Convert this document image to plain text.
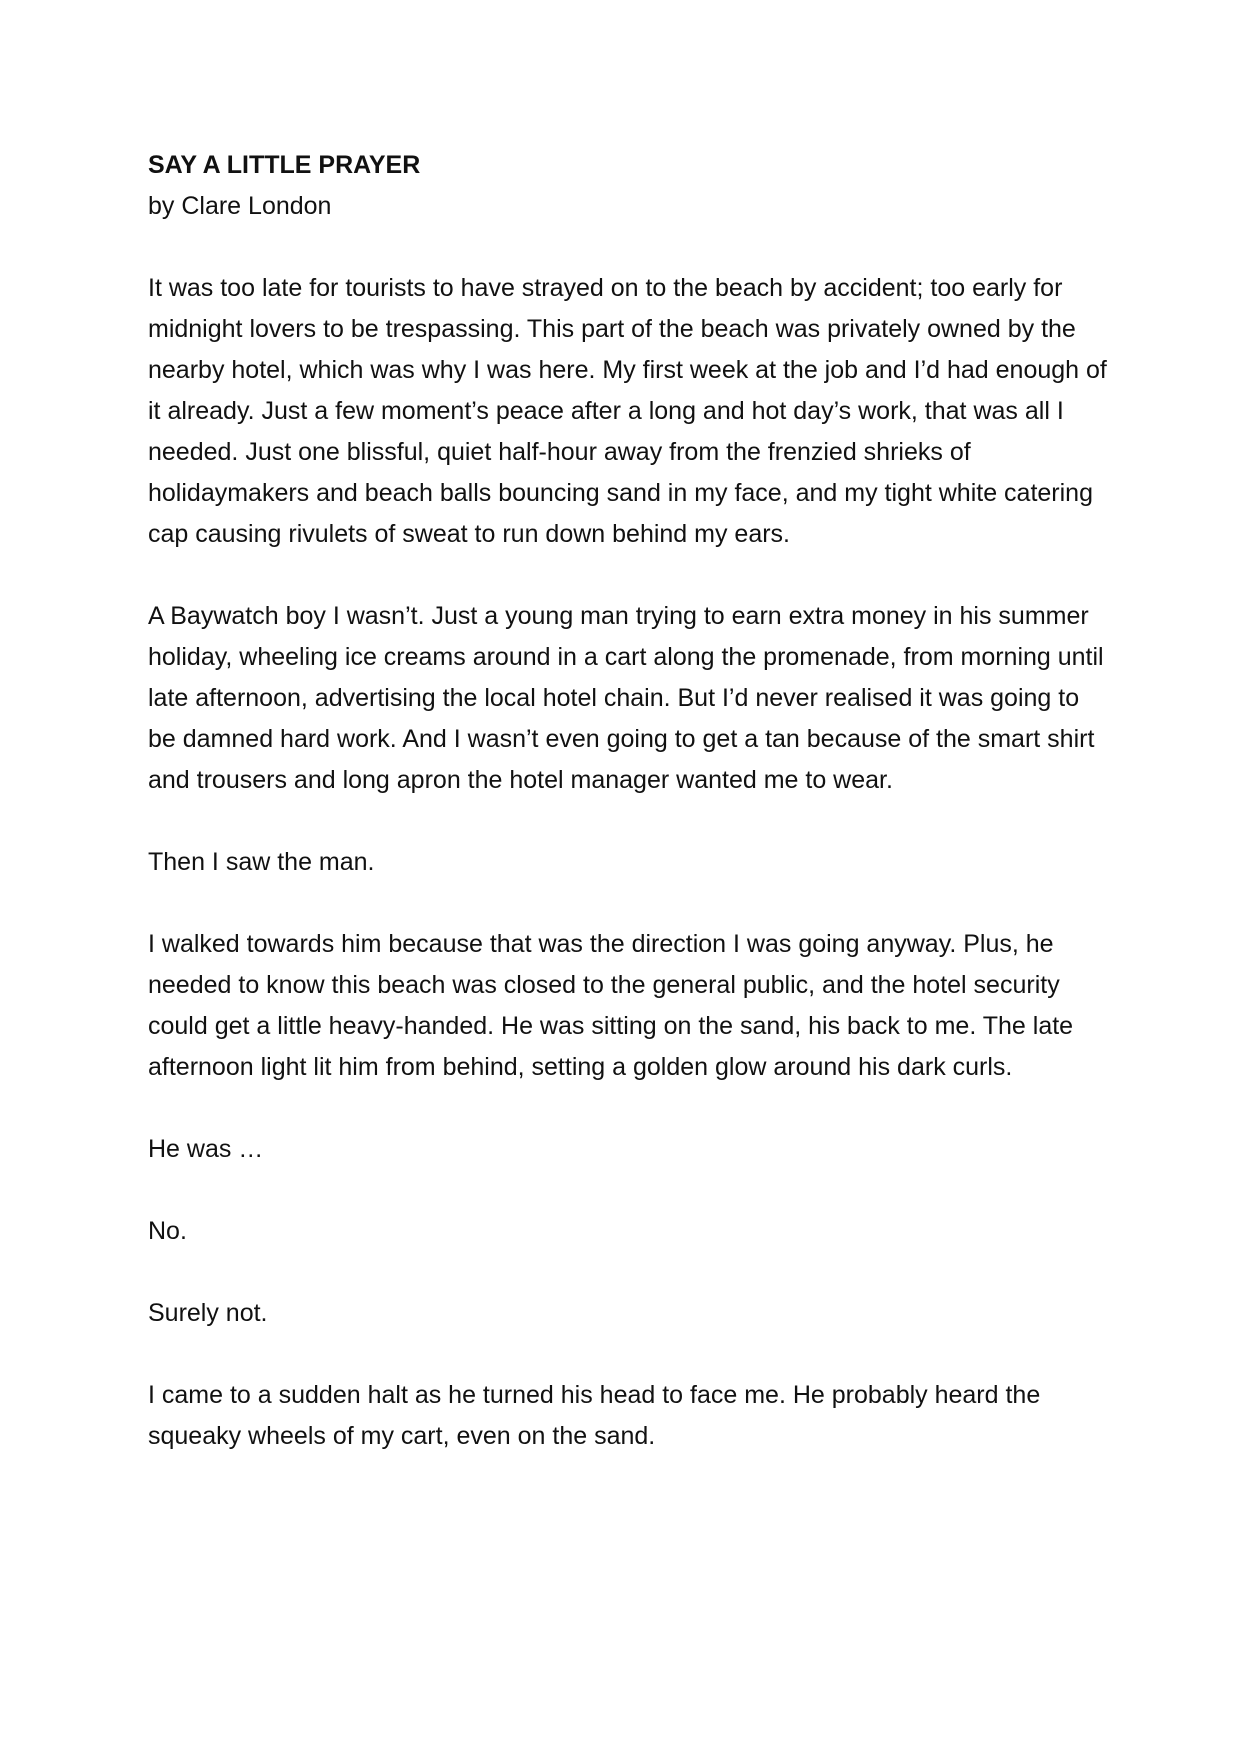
SAY A LITTLE PRAYER

by Clare London

It was too late for tourists to have strayed on to the beach by accident; too early for midnight lovers to be trespassing. This part of the beach was privately owned by the nearby hotel, which was why I was here. My first week at the job and I’d had enough of it already. Just a few moment’s peace after a long and hot day’s work, that was all I needed. Just one blissful, quiet half-hour away from the frenzied shrieks of holidaymakers and beach balls bouncing sand in my face, and my tight white catering cap causing rivulets of sweat to run down behind my ears.

A Baywatch boy I wasn’t. Just a young man trying to earn extra money in his summer holiday, wheeling ice creams around in a cart along the promenade, from morning until late afternoon, advertising the local hotel chain. But I’d never realised it was going to be damned hard work. And I wasn’t even going to get a tan because of the smart shirt and trousers and long apron the hotel manager wanted me to wear.

Then I saw the man.

I walked towards him because that was the direction I was going anyway. Plus, he needed to know this beach was closed to the general public, and the hotel security could get a little heavy-handed. He was sitting on the sand, his back to me. The late afternoon light lit him from behind, setting a golden glow around his dark curls.

He was …

No.

Surely not.

I came to a sudden halt as he turned his head to face me. He probably heard the squeaky wheels of my cart, even on the sand.
